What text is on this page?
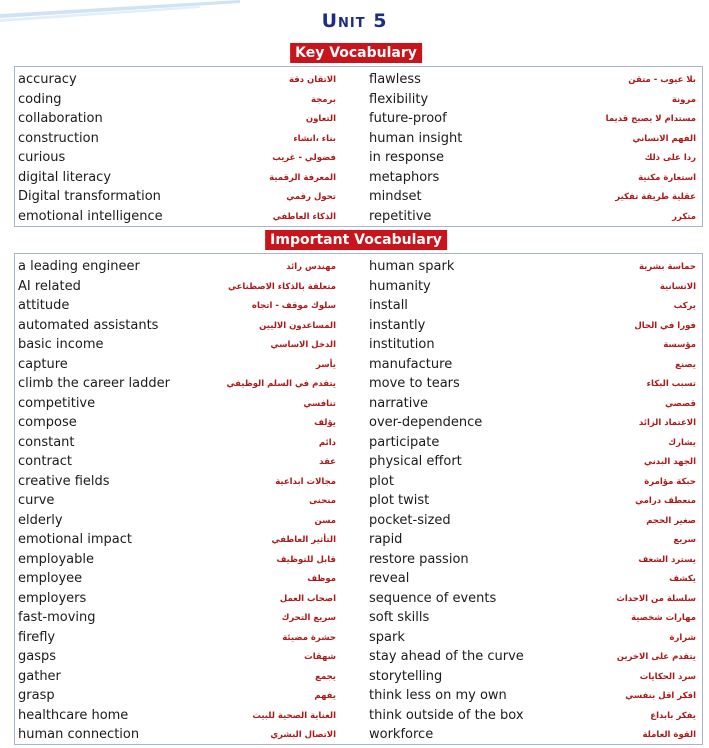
Unit 5
Key Vocabulary
accuracy	الاتقان دقة	flawless	بلا عيوب - متقن
coding	برمجة	flexibility	مرونة
collaboration	التعاون	future-proof	مستدام لا يصبح قديما
construction	بناء ،انشاء	human insight	الفهم الانساني
curious	فضولي - غريب	in response	ردا على ذلك
digital literacy	المعرفة الرقمية	metaphors	استعارة مكنية
Digital transformation	تحول رقمي	mindset	عقلية طريقة تفكير
emotional intelligence	الذكاء العاطفي	repetitive	متكرر
Important Vocabulary
a leading engineer	مهندس رائد	human spark	حماسة بشرية
AI related	متعلقة بالذكاء الاصطناعي	humanity	الانسانية
attitude	سلوك موقف - اتجاه	install	يركب
automated assistants	المساعدون الاليين	instantly	فورا في الحال
basic income	الدخل الاساسي	institution	مؤسسة
capture	يأسر	manufacture	يصنع
climb the career ladder	يتقدم في السلم الوظيفي	move to tears	تسبب البكاء
competitive	تنافسي	narrative	قصصي
compose	يؤلف	over-dependence	الاعتماد الزائد
constant	دائم	participate	يشارك
contract	عقد	physical effort	الجهد البدني
creative fields	مجالات ابداعية	plot	حبكة مؤامرة
curve	منحنى	plot twist	منعطف درامي
elderly	مسن	pocket-sized	صغير الحجم
emotional impact	التأثير العاطفي	rapid	سريع
employable	قابل للتوظيف	restore passion	يسترد الشغف
employee	موظف	reveal	يكشف
employers	اصحاب العمل	sequence of events	سلسلة من الاحداث
fast-moving	سريع التحرك	soft skills	مهارات شخصية
firefly	حشرة مضيئة	spark	شرارة
gasps	شهقات	stay ahead of the curve	يتقدم على الاخرين
gather	يجمع	storytelling	سرد الحكايات
grasp	يفهم	think less on my own	افكر اقل بنفسي
healthcare home	العناية الصحية للبيت	think outside of the box	يفكر بابداع
human connection	الاتصال البشري	workforce	القوة العاملة
